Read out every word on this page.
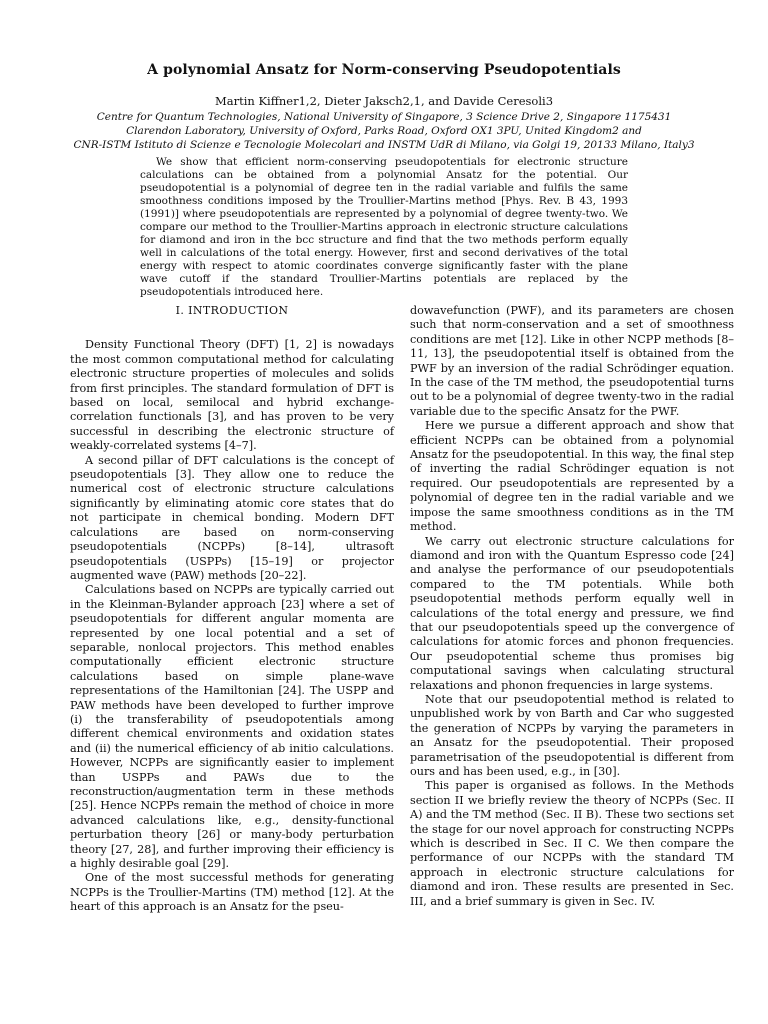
A polynomial Ansatz for Norm-conserving Pseudopotentials
Martin Kiffner1,2, Dieter Jaksch2,1, and Davide Ceresoli3
Centre for Quantum Technologies, National University of Singapore, 3 Science Drive 2, Singapore 1175431
Clarendon Laboratory, University of Oxford, Parks Road, Oxford OX1 3PU, United Kingdom2 and
CNR-ISTM Istituto di Scienze e Tecnologie Molecolari and INSTM UdR di Milano, via Golgi 19, 20133 Milano, Italy3
We show that efficient norm-conserving pseudopotentials for electronic structure calculations can be obtained from a polynomial Ansatz for the potential. Our pseudopotential is a polynomial of degree ten in the radial variable and fulfils the same smoothness conditions imposed by the Troullier-Martins method [Phys. Rev. B 43, 1993 (1991)] where pseudopotentials are represented by a polynomial of degree twenty-two. We compare our method to the Troullier-Martins approach in electronic structure calculations for diamond and iron in the bcc structure and find that the two methods perform equally well in calculations of the total energy. However, first and second derivatives of the total energy with respect to atomic coordinates converge significantly faster with the plane wave cutoff if the standard Troullier-Martins potentials are replaced by the pseudopotentials introduced here.
I. INTRODUCTION

Density Functional Theory (DFT) [1, 2] is nowadays the most common computational method for calculating electronic structure properties of molecules and solids from first principles. The standard formulation of DFT is based on local, semilocal and hybrid exchange-correlation functionals [3], and has proven to be very successful in describing the electronic structure of weakly-correlated systems [4–7].

A second pillar of DFT calculations is the concept of pseudopotentials [3]. They allow one to reduce the numerical cost of electronic structure calculations significantly by eliminating atomic core states that do not participate in chemical bonding. Modern DFT calculations are based on norm-conserving pseudopotentials (NCPPs) [8–14], ultrasoft pseudopotentials (USPPs) [15–19] or projector augmented wave (PAW) methods [20–22].

Calculations based on NCPPs are typically carried out in the Kleinman-Bylander approach [23] where a set of pseudopotentials for different angular momenta are represented by one local potential and a set of separable, nonlocal projectors. This method enables computationally efficient electronic structure calculations based on simple plane-wave representations of the Hamiltonian [24]. The USPP and PAW methods have been developed to further improve (i) the transferability of pseudopotentials among different chemical environments and oxidation states and (ii) the numerical efficiency of ab initio calculations. However, NCPPs are significantly easier to implement than USPPs and PAWs due to the reconstruction/augmentation term in these methods [25]. Hence NCPPs remain the method of choice in more advanced calculations like, e.g., density-functional perturbation theory [26] or many-body perturbation theory [27, 28], and further improving their efficiency is a highly desirable goal [29].

One of the most successful methods for generating NCPPs is the Troullier-Martins (TM) method [12]. At the heart of this approach is an Ansatz for the pseu-

dowavefunction (PWF), and its parameters are chosen such that norm-conservation and a set of smoothness conditions are met [12]. Like in other NCPP methods [8–11, 13], the pseudopotential itself is obtained from the PWF by an inversion of the radial Schrödinger equation. In the case of the TM method, the pseudopotential turns out to be a polynomial of degree twenty-two in the radial variable due to the specific Ansatz for the PWF.

Here we pursue a different approach and show that efficient NCPPs can be obtained from a polynomial Ansatz for the pseudopotential. In this way, the final step of inverting the radial Schrödinger equation is not required. Our pseudopotentials are represented by a polynomial of degree ten in the radial variable and we impose the same smoothness conditions as in the TM method.

We carry out electronic structure calculations for diamond and iron with the Quantum Espresso code [24] and analyse the performance of our pseudopotentials compared to the TM potentials. While both pseudopotential methods perform equally well in calculations of the total energy and pressure, we find that our pseudopotentials speed up the convergence of calculations for atomic forces and phonon frequencies. Our pseudopotential scheme thus promises big computational savings when calculating structural relaxations and phonon frequencies in large systems.

Note that our pseudopotential method is related to unpublished work by von Barth and Car who suggested the generation of NCPPs by varying the parameters in an Ansatz for the pseudopotential. Their proposed parametrisation of the pseudopotential is different from ours and has been used, e.g., in [30].

This paper is organised as follows. In the Methods section II we briefly review the theory of NCPPs (Sec. II A) and the TM method (Sec. II B). These two sections set the stage for our novel approach for constructing NCPPs which is described in Sec. II C. We then compare the performance of our NCPPs with the standard TM approach in electronic structure calculations for diamond and iron. These results are presented in Sec. III, and a brief summary is given in Sec. IV.
